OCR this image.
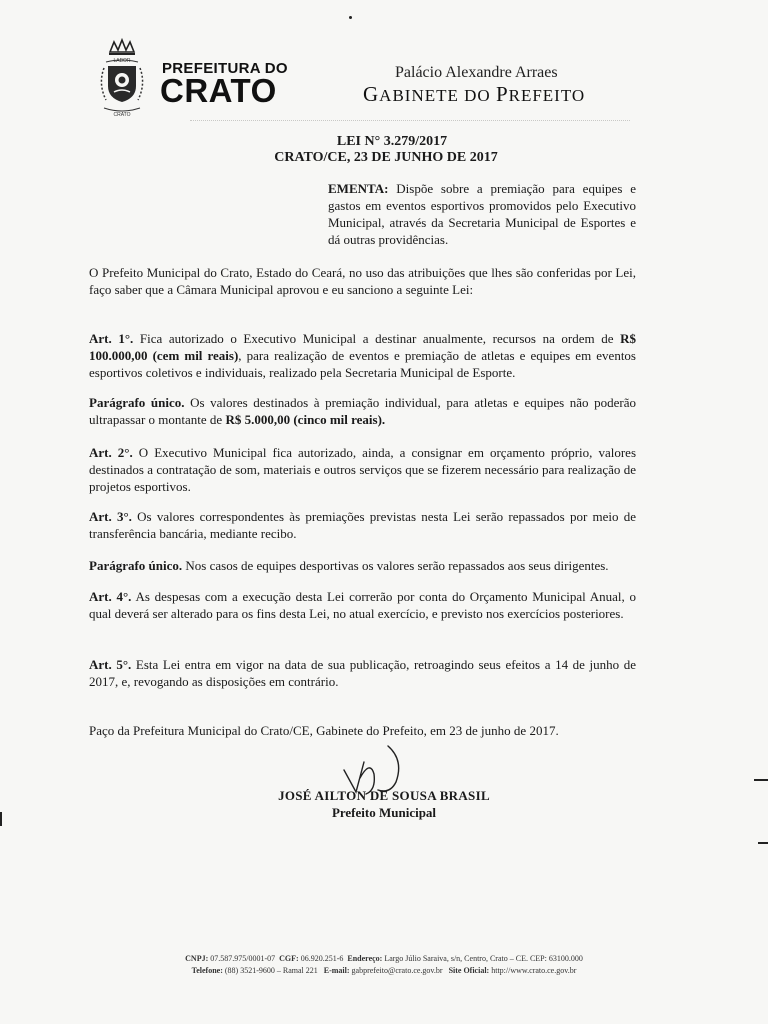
LABOR
CRATO
PREFEITURA DO
CRATO	Palácio Alexandre Arraes
GABINETE DO PREFEITO
LEI N° 3.279/2017
CRATO/CE, 23 DE JUNHO DE 2017
EMENTA: Dispõe sobre a premiação para equipes e gastos em eventos esportivos promovidos pelo Executivo Municipal, através da Secretaria Municipal de Esportes e dá outras providências.
O Prefeito Municipal do Crato, Estado do Ceará, no uso das atribuições que lhes são conferidas por Lei, faço saber que a Câmara Municipal aprovou e eu sanciono a seguinte Lei:
Art. 1°. Fica autorizado o Executivo Municipal a destinar anualmente, recursos na ordem de R$ 100.000,00 (cem mil reais), para realização de eventos e premiação de atletas e equipes em eventos esportivos coletivos e individuais, realizado pela Secretaria Municipal de Esporte.
Parágrafo único. Os valores destinados à premiação individual, para atletas e equipes não poderão ultrapassar o montante de R$ 5.000,00 (cinco mil reais).
Art. 2°. O Executivo Municipal fica autorizado, ainda, a consignar em orçamento próprio, valores destinados a contratação de som, materiais e outros serviços que se fizerem necessário para realização de projetos esportivos.
Art. 3°. Os valores correspondentes às premiações previstas nesta Lei serão repassados por meio de transferência bancária, mediante recibo.
Parágrafo único. Nos casos de equipes desportivas os valores serão repassados aos seus dirigentes.
Art. 4°. As despesas com a execução desta Lei correrão por conta do Orçamento Municipal Anual, o qual deverá ser alterado para os fins desta Lei, no atual exercício, e previsto nos exercícios posteriores.
Art. 5°. Esta Lei entra em vigor na data de sua publicação, retroagindo seus efeitos a 14 de junho de 2017, e, revogando as disposições em contrário.
Paço da Prefeitura Municipal do Crato/CE, Gabinete do Prefeito, em 23 de junho de 2017.
JOSÉ AILTON DE SOUSA BRASIL
Prefeito Municipal
CNPJ: 07.587.975/0001-07 CGF: 06.920.251-6 Endereço: Largo Júlio Saraiva, s/n, Centro, Crato – CE. CEP: 63100.000
Telefone: (88) 3521-9600 – Ramal 221 E-mail: gabprefeito@crato.ce.gov.br Site Oficial: http://www.crato.ce.gov.br
